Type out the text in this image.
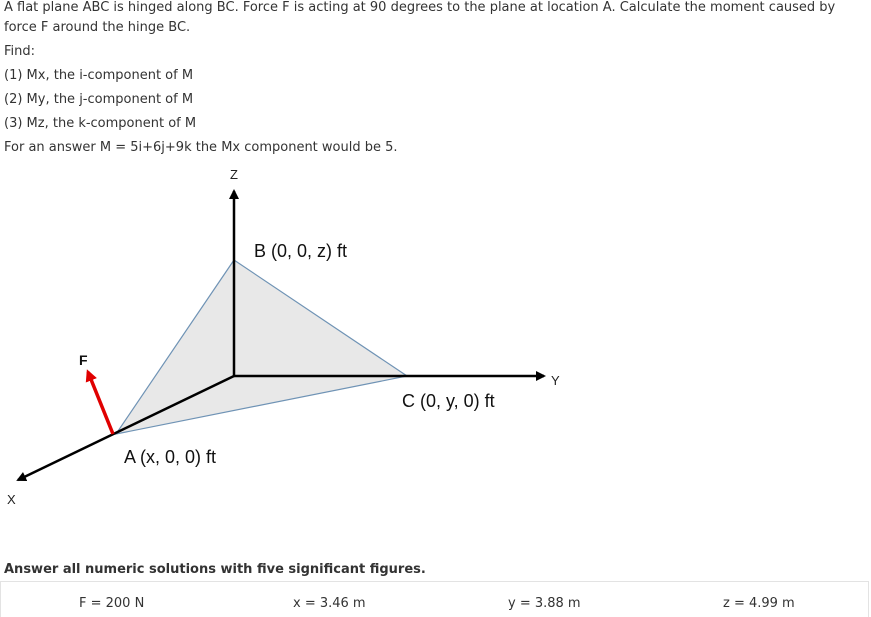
A flat plane ABC is hinged along BC. Force F is acting at 90 degrees to the plane at location A. Calculate the moment caused by force F around the hinge BC.

Find:

(1) Mx, the i-component of M

(2) My, the j-component of M

(3) Mz, the k-component of M

For an answer M = 5i+6j+9k the Mx component would be 5.

Z
Y
X
F
B (0, 0, z) ft
C (0, y, 0) ft
A (x, 0, 0) ft

Answer all numeric solutions with five significant figures.

F = 200 N	x = 3.46 m	y = 3.88 m	z = 4.99 m
